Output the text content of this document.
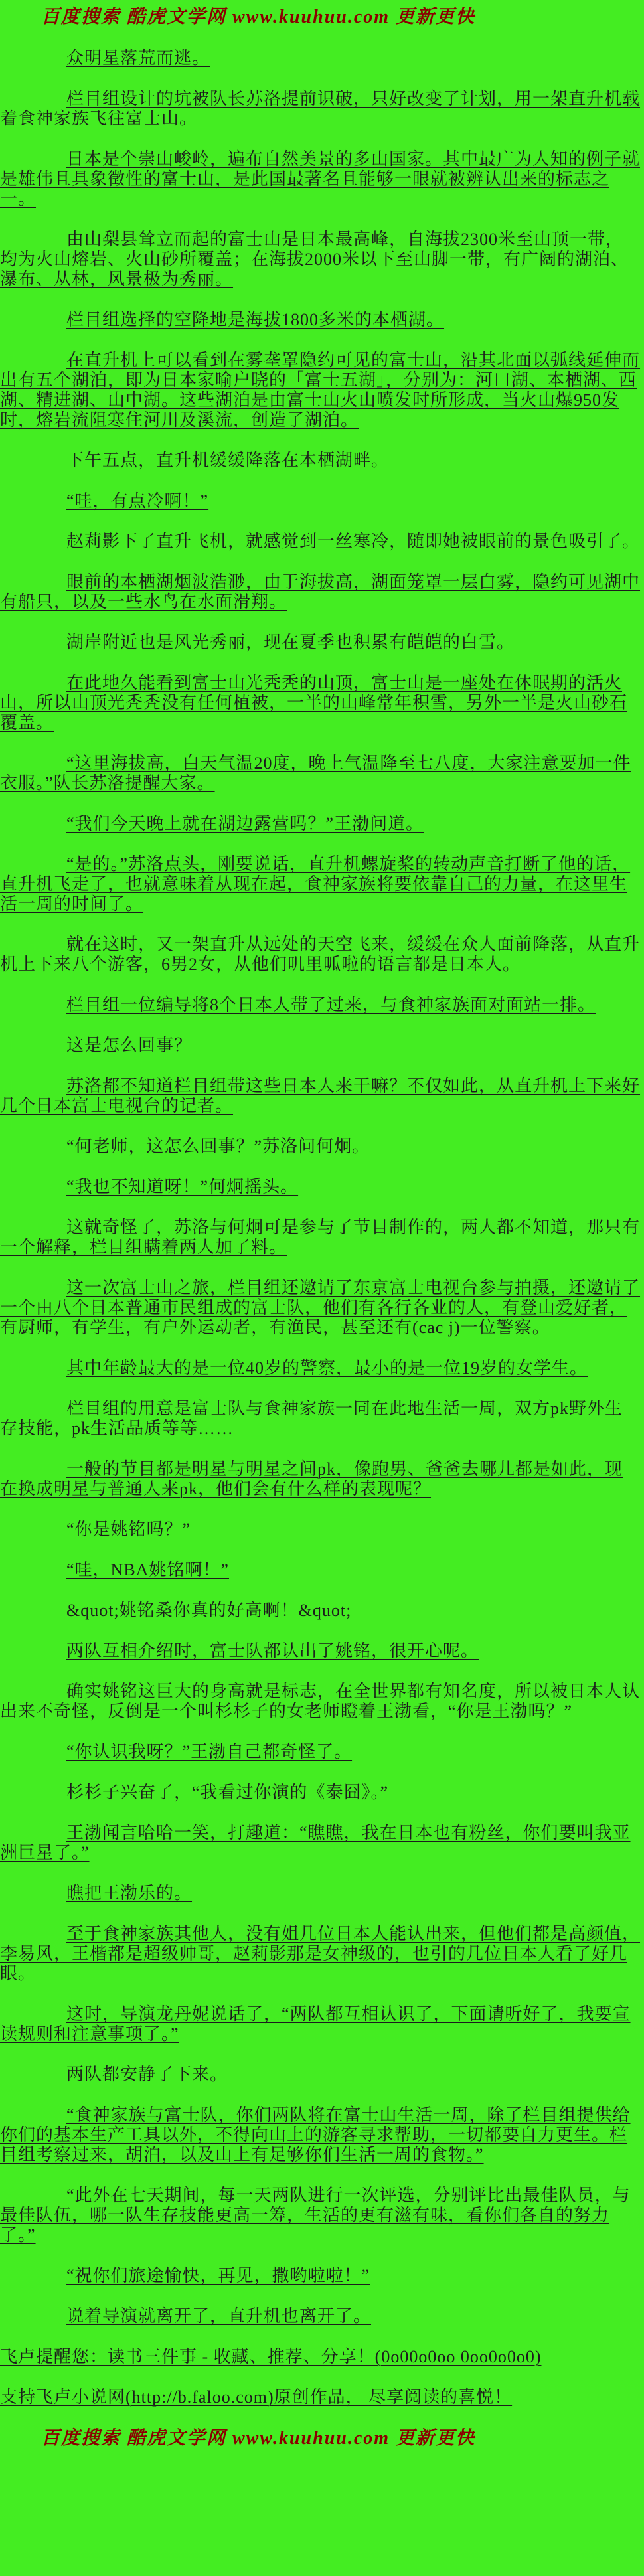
百度搜索 酷虎文学网 www.kuuhuu.com 更新更快

众明星落荒而逃。

栏目组设计的坑被队长苏洛提前识破，只好改变了计划，用一架直升机载着食神家族飞往富士山。

日本是个崇山峻岭，遍布自然美景的多山国家。其中最广为人知的例子就是雄伟且具象徵性的富士山，是此国最著名且能够一眼就被辨认出来的标志之一。

由山梨县耸立而起的富士山是日本最高峰，自海拔2300米至山顶一带，均为火山熔岩、火山砂所覆盖；在海拔2000米以下至山脚一带，有广阔的湖泊、瀑布、从林，风景极为秀丽。

栏目组选择的空降地是海拔1800多米的本栖湖。

在直升机上可以看到在雾垄罩隐约可见的富士山，沿其北面以弧线延伸而出有五个湖泊，即为日本家喻户晓的「富士五湖」，分别为：河口湖、本栖湖、西湖、精进湖、山中湖。这些湖泊是由富士山火山喷发时所形成，当火山爆950发时，熔岩流阻寒住河川及溪流，创造了湖泊。

下午五点，直升机缓缓降落在本栖湖畔。

“哇，有点冷啊！”

赵莉影下了直升飞机，就感觉到一丝寒冷，随即她被眼前的景色吸引了。

眼前的本栖湖烟波浩渺，由于海拔高，湖面笼罩一层白雾，隐约可见湖中有船只，以及一些水鸟在水面滑翔。

湖岸附近也是风光秀丽，现在夏季也积累有皑皑的白雪。

在此地久能看到富士山光秃秃的山顶，富士山是一座处在休眠期的活火山，所以山顶光秃秃没有任何植被，一半的山峰常年积雪，另外一半是火山砂石覆盖。

“这里海拔高，白天气温20度，晚上气温降至七八度，大家注意要加一件衣服。”队长苏洛提醒大家。

“我们今天晚上就在湖边露营吗？”王渤问道。

“是的。”苏洛点头，刚要说话，直升机螺旋桨的转动声音打断了他的话，直升机飞走了，也就意味着从现在起，食神家族将要依靠自己的力量，在这里生活一周的时间了。

就在这时，又一架直升从远处的天空飞来，缓缓在众人面前降落，从直升机上下来八个游客，6男2女，从他们叽里呱啦的语言都是日本人。

栏目组一位编导将8个日本人带了过来，与食神家族面对面站一排。

这是怎么回事？

苏洛都不知道栏目组带这些日本人来干嘛？不仅如此，从直升机上下来好几个日本富士电视台的记者。

“何老师，这怎么回事？”苏洛问何炯。

“我也不知道呀！”何炯摇头。

这就奇怪了，苏洛与何炯可是参与了节目制作的，两人都不知道，那只有一个解释，栏目组瞒着两人加了料。

这一次富士山之旅，栏目组还邀请了东京富士电视台参与拍摄，还邀请了一个由八个日本普通市民组成的富士队，他们有各行各业的人，有登山爱好者，有厨师，有学生，有户外运动者，有渔民，甚至还有(cac j)一位警察。

其中年龄最大的是一位40岁的警察，最小的是一位19岁的女学生。

栏目组的用意是富士队与食神家族一同在此地生活一周，双方pk野外生存技能，pk生活品质等等……

一般的节目都是明星与明星之间pk，像跑男、爸爸去哪儿都是如此，现在换成明星与普通人来pk，他们会有什么样的表现呢？

“你是姚铭吗？”

“哇，NBA姚铭啊！”

&quot;姚铭桑你真的好高啊！&quot;

两队互相介绍时，富士队都认出了姚铭，很开心呢。

确实姚铭这巨大的身高就是标志，在全世界都有知名度，所以被日本人认出来不奇怪，反倒是一个叫杉杉子的女老师瞪着王渤看，“你是王渤吗？”

“你认识我呀？”王渤自己都奇怪了。

杉杉子兴奋了，“我看过你演的《泰囧》。”

王渤闻言哈哈一笑，打趣道：“瞧瞧，我在日本也有粉丝，你们要叫我亚洲巨星了。”

瞧把王渤乐的。

至于食神家族其他人，没有姐几位日本人能认出来，但他们都是高颜值，李易风，王楷都是超级帅哥，赵莉影那是女神级的，也引的几位日本人看了好几眼。

这时，导演龙丹妮说话了，“两队都互相认识了，下面请听好了，我要宣读规则和注意事项了。”

两队都安静了下来。

“食神家族与富士队，你们两队将在富士山生活一周，除了栏目组提供给你们的基本生产工具以外，不得向山上的游客寻求帮助，一切都要自力更生。栏目组考察过来，胡泊，以及山上有足够你们生活一周的食物。”

“此外在七天期间，每一天两队进行一次评选，分别评比出最佳队员，与最佳队伍，哪一队生存技能更高一筹，生活的更有滋有味，看你们各自的努力了。”

“祝你们旅途愉快，再见，撒哟啦啦！”

说着导演就离开了，直升机也离开了。

飞卢提醒您：读书三件事 - 收藏、推荐、分享！(0o00o0oo 0oo0o0o0)

支持飞卢小说网(http://b.faloo.com)原创作品， 尽享阅读的喜悦！

百度搜索 酷虎文学网 www.kuuhuu.com 更新更快
